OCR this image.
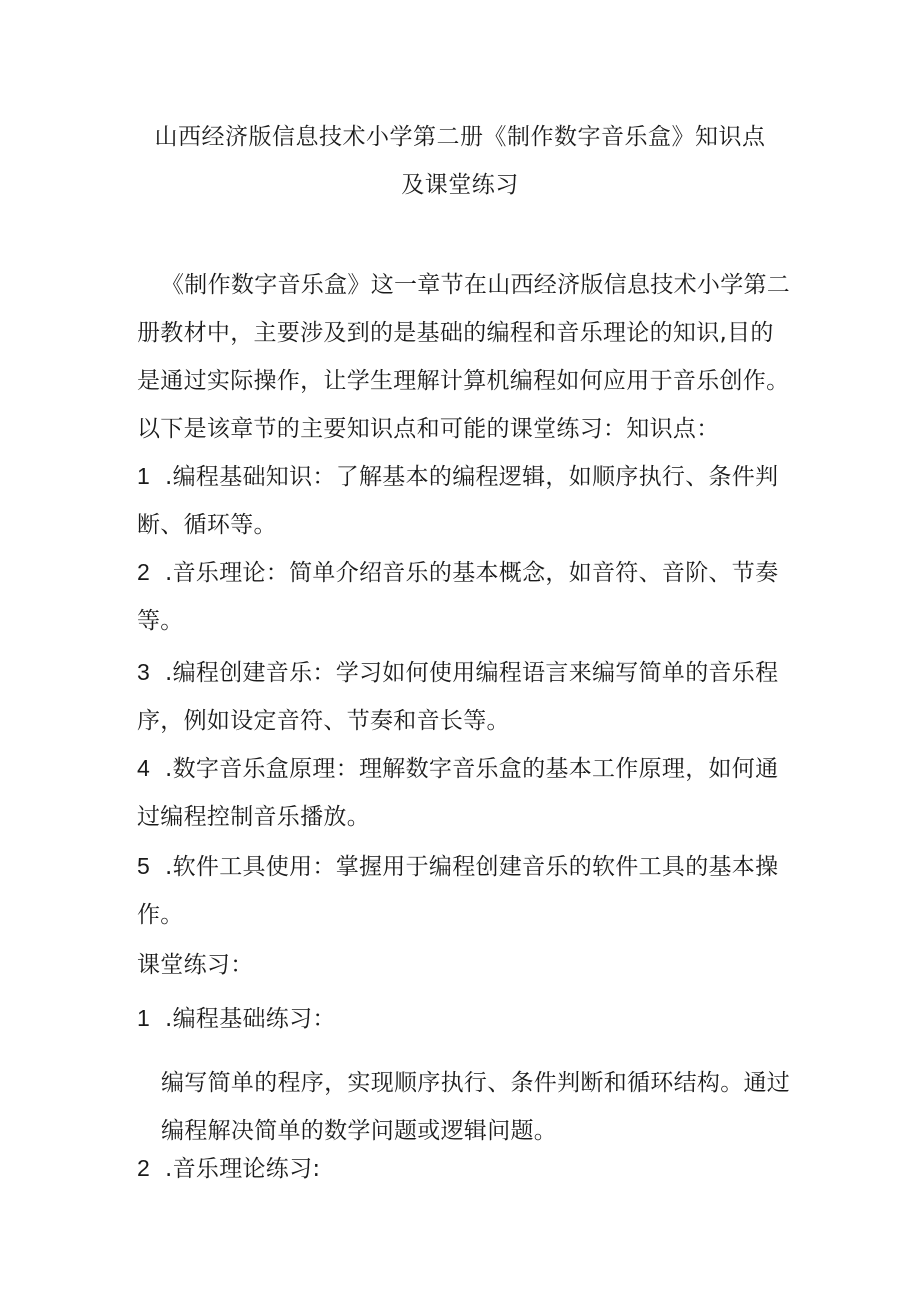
山西经济版信息技术小学第二册《制作数字音乐盒》知识点
及课堂练习
《制作数字音乐盒》这一章节在山西经济版信息技术小学第二
册教材中，主要涉及到的是基础的编程和音乐理论的知识,目的
是通过实际操作，让学生理解计算机编程如何应用于音乐创作。
以下是该章节的主要知识点和可能的课堂练习：知识点：
1 .编程基础知识：了解基本的编程逻辑，如顺序执行、条件判
断、循环等。
2 .音乐理论：简单介绍音乐的基本概念，如音符、音阶、节奏
等。
3 .编程创建音乐：学习如何使用编程语言来编写简单的音乐程
序，例如设定音符、节奏和音长等。
4 .数字音乐盒原理：理解数字音乐盒的基本工作原理，如何通
过编程控制音乐播放。
5 .软件工具使用：掌握用于编程创建音乐的软件工具的基本操
作。
课堂练习：
1 .编程基础练习：
编写简单的程序，实现顺序执行、条件判断和循环结构。通过
编程解决简单的数学问题或逻辑问题。
2 .音乐理论练习:
